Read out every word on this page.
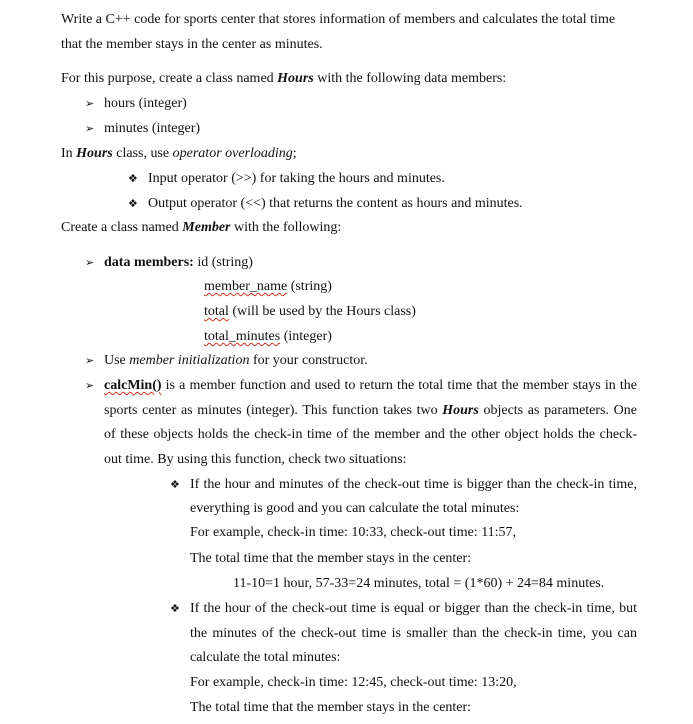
Write a C++ code for sports center that stores information of members and calculates the total time
that the member stays in the center as minutes.
For this purpose, create a class named Hours with the following data members:
➢ hours (integer)
➢ minutes (integer)
In Hours class, use operator overloading;
❖ Input operator (>>) for taking the hours and minutes.
❖ Output operator (<<) that returns the content as hours and minutes.
Create a class named Member with the following:
➢ data members: id (string)
member_name (string)
total (will be used by the Hours class)
total_minutes (integer)
➢ Use member initialization for your constructor.
➢ calcMin() is a member function and used to return the total time that the member stays in the
sports center as minutes (integer). This function takes two Hours objects as parameters. One
of these objects holds the check-in time of the member and the other object holds the check-
out time. By using this function, check two situations:
❖ If the hour and minutes of the check-out time is bigger than the check-in time,
everything is good and you can calculate the total minutes:
For example, check-in time: 10:33, check-out time: 11:57,
The total time that the member stays in the center:
11-10=1 hour, 57-33=24 minutes, total = (1*60) + 24=84 minutes.
❖ If the hour of the check-out time is equal or bigger than the check-in time, but
the minutes of the check-out time is smaller than the check-in time, you can
calculate the total minutes:
For example, check-in time: 12:45, check-out time: 13:20,
The total time that the member stays in the center:
